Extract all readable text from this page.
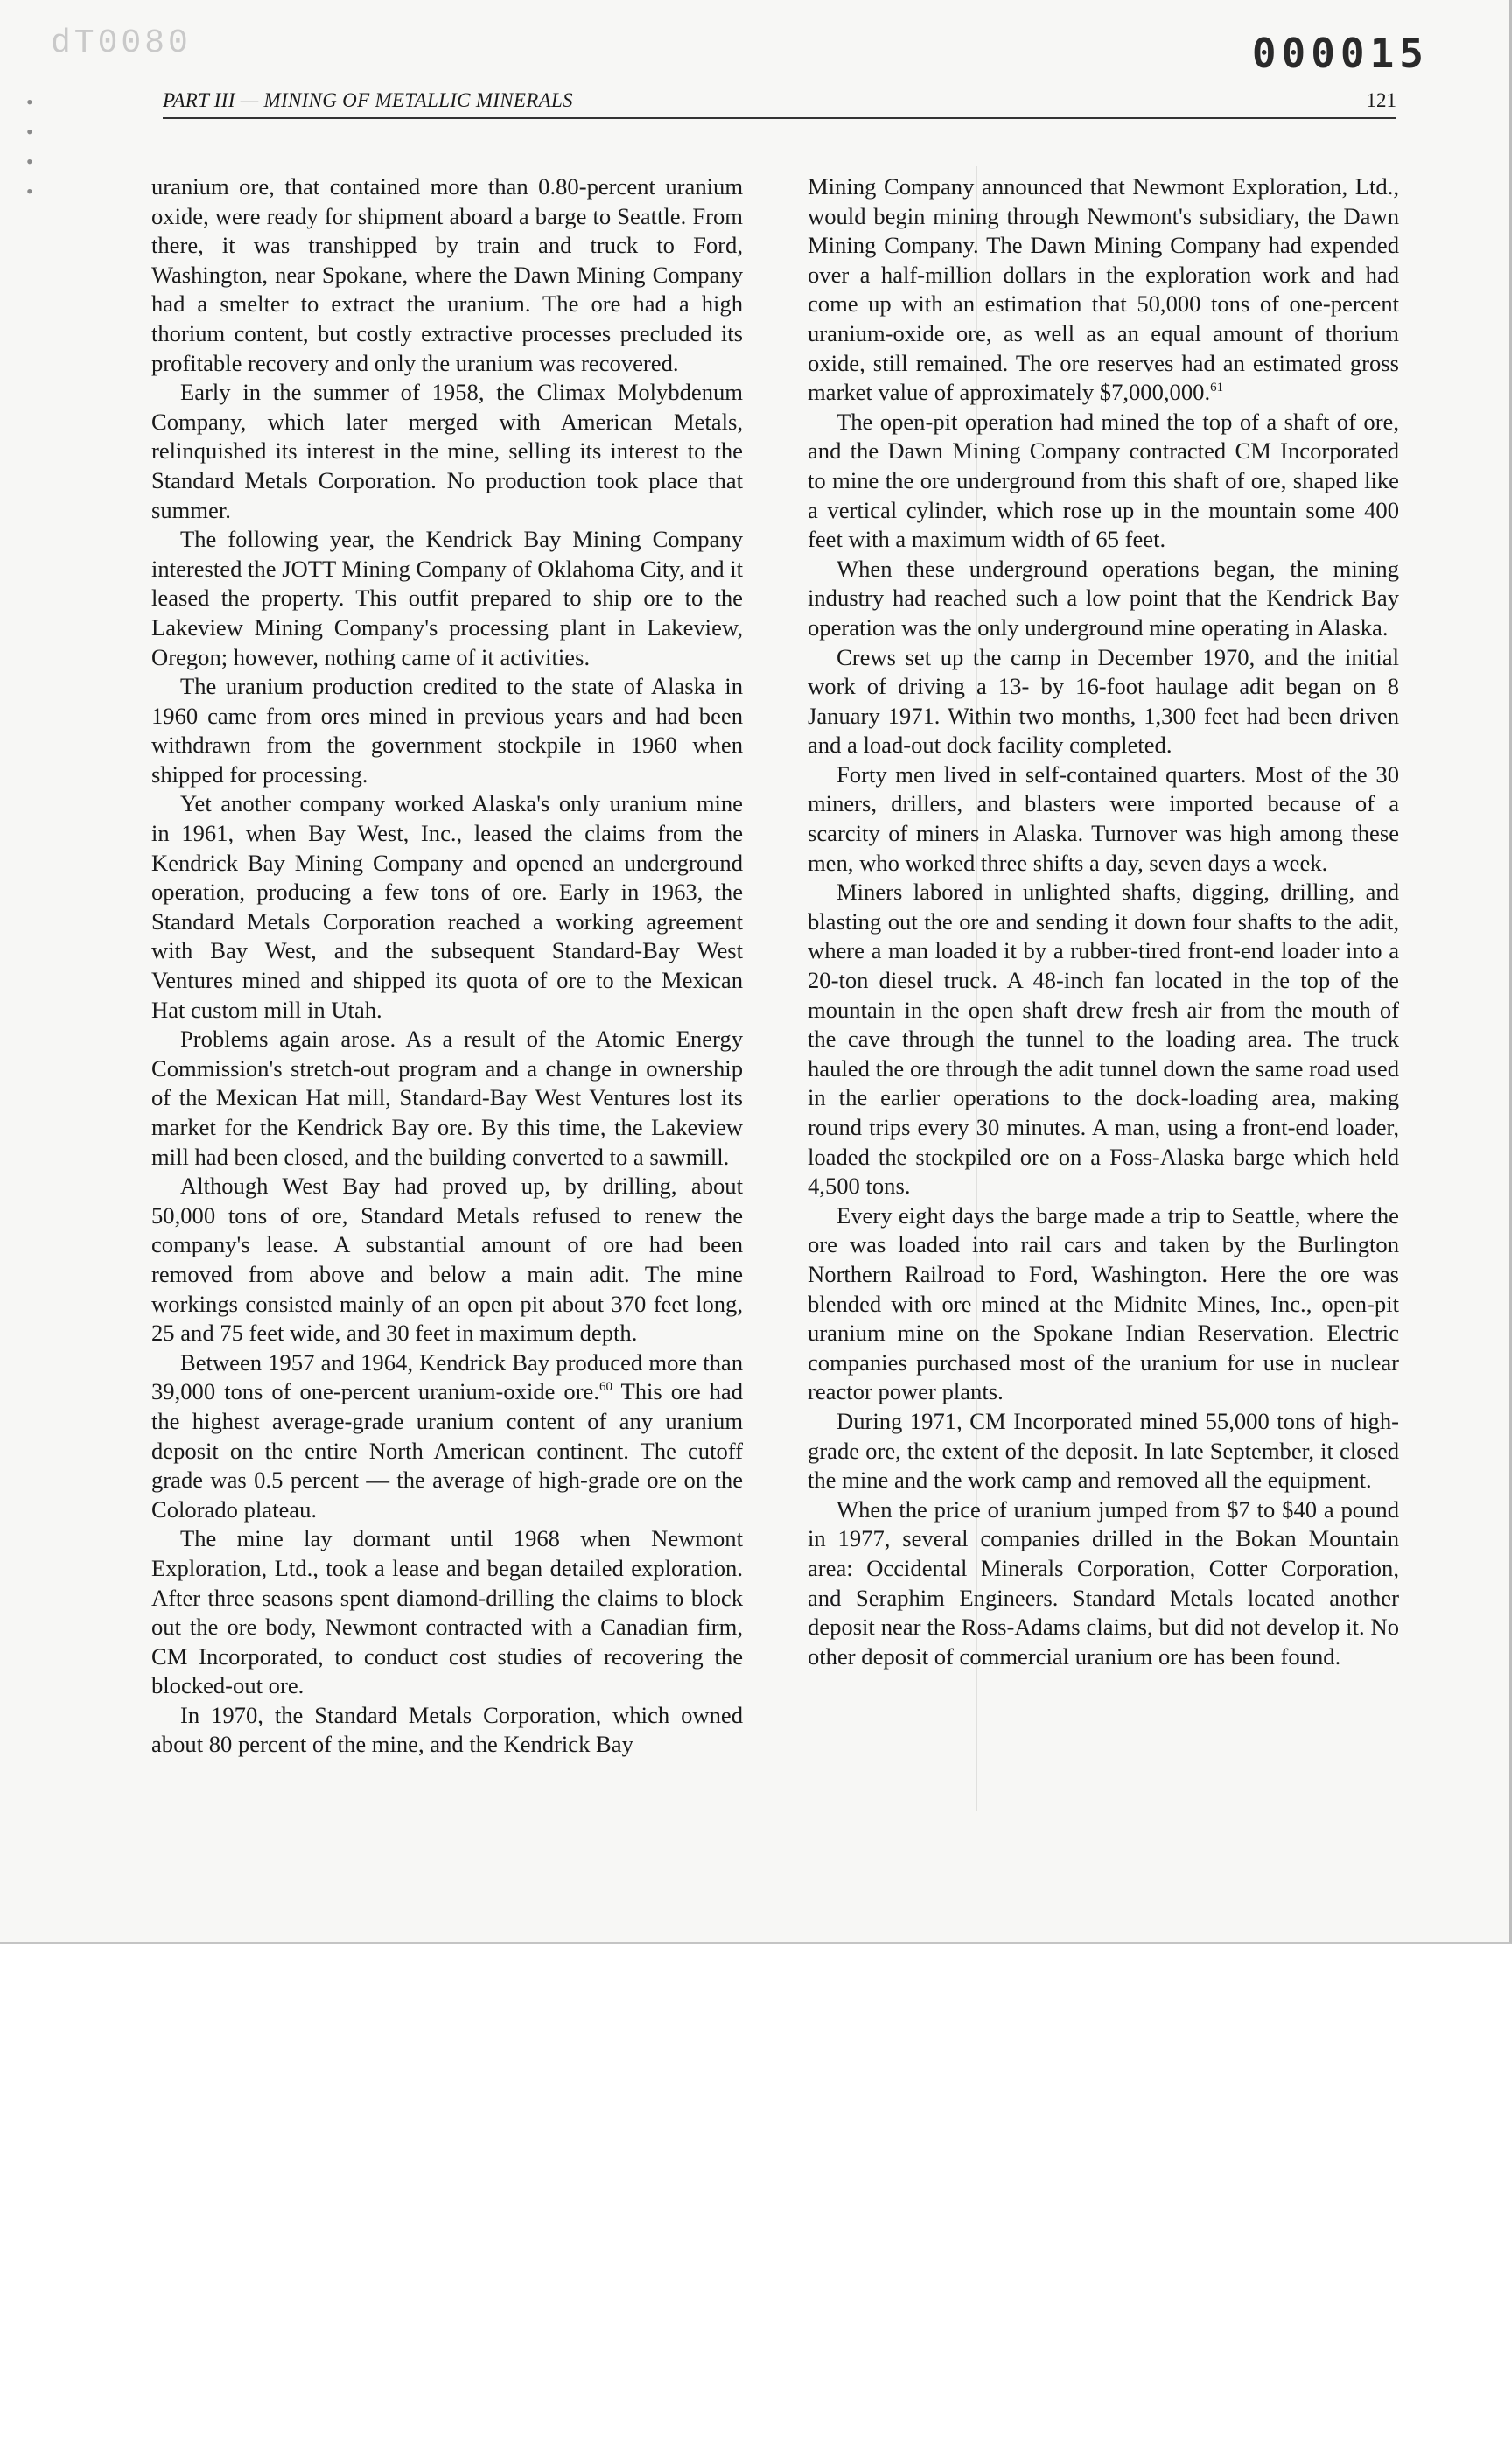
dT0080	000015
•
•
•
•
PART III — MINING OF METALLIC MINERALS	121

uranium ore, that contained more than 0.80-percent uranium oxide, were ready for shipment aboard a barge to Seattle. From there, it was transhipped by train and truck to Ford, Washington, near Spokane, where the Dawn Mining Company had a smelter to extract the uranium. The ore had a high thorium content, but costly extractive processes precluded its profitable recovery and only the uranium was recovered.

Early in the summer of 1958, the Climax Molybdenum Company, which later merged with American Metals, relinquished its interest in the mine, selling its interest to the Standard Metals Corporation. No production took place that summer.

The following year, the Kendrick Bay Mining Company interested the JOTT Mining Company of Oklahoma City, and it leased the property. This outfit prepared to ship ore to the Lakeview Mining Company's processing plant in Lakeview, Oregon; however, nothing came of it activities.

The uranium production credited to the state of Alaska in 1960 came from ores mined in previous years and had been withdrawn from the government stockpile in 1960 when shipped for processing.

Yet another company worked Alaska's only uranium mine in 1961, when Bay West, Inc., leased the claims from the Kendrick Bay Mining Company and opened an underground operation, producing a few tons of ore. Early in 1963, the Standard Metals Corporation reached a working agreement with Bay West, and the subsequent Standard-Bay West Ventures mined and shipped its quota of ore to the Mexican Hat custom mill in Utah.

Problems again arose. As a result of the Atomic Energy Commission's stretch-out program and a change in ownership of the Mexican Hat mill, Standard-Bay West Ventures lost its market for the Kendrick Bay ore. By this time, the Lakeview mill had been closed, and the building converted to a sawmill.

Although West Bay had proved up, by drilling, about 50,000 tons of ore, Standard Metals refused to renew the company's lease. A substantial amount of ore had been removed from above and below a main adit. The mine workings consisted mainly of an open pit about 370 feet long, 25 and 75 feet wide, and 30 feet in maximum depth.

Between 1957 and 1964, Kendrick Bay produced more than 39,000 tons of one-percent uranium-oxide ore.$^{60}$ This ore had the highest average-grade uranium content of any uranium deposit on the entire North American continent. The cutoff grade was 0.5 percent — the average of high-grade ore on the Colorado plateau.

The mine lay dormant until 1968 when Newmont Exploration, Ltd., took a lease and began detailed exploration. After three seasons spent diamond-drilling the claims to block out the ore body, Newmont contracted with a Canadian firm, CM Incorporated, to conduct cost studies of recovering the blocked-out ore.

In 1970, the Standard Metals Corporation, which owned about 80 percent of the mine, and the Kendrick Bay

Mining Company announced that Newmont Exploration, Ltd., would begin mining through Newmont's subsidiary, the Dawn Mining Company. The Dawn Mining Company had expended over a half-million dollars in the exploration work and had come up with an estimation that 50,000 tons of one-percent uranium-oxide ore, as well as an equal amount of thorium oxide, still remained. The ore reserves had an estimated gross market value of approximately $7,000,000.61

The open-pit operation had mined the top of a shaft of ore, and the Dawn Mining Company contracted CM Incorporated to mine the ore underground from this shaft of ore, shaped like a vertical cylinder, which rose up in the mountain some 400 feet with a maximum width of 65 feet.

When these underground operations began, the mining industry had reached such a low point that the Kendrick Bay operation was the only underground mine operating in Alaska.

Crews set up the camp in December 1970, and the initial work of driving a 13- by 16-foot haulage adit began on 8 January 1971. Within two months, 1,300 feet had been driven and a load-out dock facility completed.

Forty men lived in self-contained quarters. Most of the 30 miners, drillers, and blasters were imported because of a scarcity of miners in Alaska. Turnover was high among these men, who worked three shifts a day, seven days a week.

Miners labored in unlighted shafts, digging, drilling, and blasting out the ore and sending it down four shafts to the adit, where a man loaded it by a rubber-tired front-end loader into a 20-ton diesel truck. A 48-inch fan located in the top of the mountain in the open shaft drew fresh air from the mouth of the cave through the tunnel to the loading area. The truck hauled the ore through the adit tunnel down the same road used in the earlier operations to the dock-loading area, making round trips every 30 minutes. A man, using a front-end loader, loaded the stockpiled ore on a Foss-Alaska barge which held 4,500 tons.

Every eight days the barge made a trip to Seattle, where the ore was loaded into rail cars and taken by the Burlington Northern Railroad to Ford, Washington. Here the ore was blended with ore mined at the Midnite Mines, Inc., open-pit uranium mine on the Spokane Indian Reservation. Electric companies purchased most of the uranium for use in nuclear reactor power plants.

During 1971, CM Incorporated mined 55,000 tons of high-grade ore, the extent of the deposit. In late September, it closed the mine and the work camp and removed all the equipment.

When the price of uranium jumped from $7 to $40 a pound in 1977, several companies drilled in the Bokan Mountain area: Occidental Minerals Corporation, Cotter Corporation, and Seraphim Engineers. Standard Metals located another deposit near the Ross-Adams claims, but did not develop it. No other deposit of commercial uranium ore has been found.
